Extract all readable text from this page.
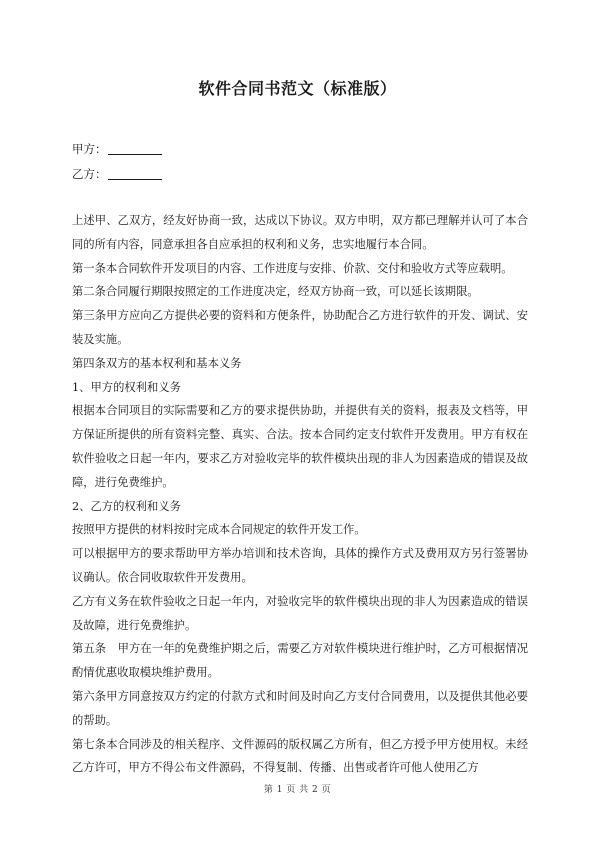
软件合同书范文（标准版）
甲方：
乙方：

上述甲、乙双方，经友好协商一致，达成以下协议。双方申明，双方都已理解并认可了本合同的所有内容，同意承担各自应承担的权利和义务，忠实地履行本合同。

第一条本合同软件开发项目的内容、工作进度与安排、价款、交付和验收方式等应载明。

第二条合同履行期限按照定的工作进度决定，经双方协商一致，可以延长该期限。

第三条甲方应向乙方提供必要的资料和方便条件，协助配合乙方进行软件的开发、调试、安装及实施。

第四条双方的基本权利和基本义务

1、甲方的权利和义务

根据本合同项目的实际需要和乙方的要求提供协助，并提供有关的资料，报表及文档等，甲方保证所提供的所有资料完整、真实、合法。按本合同约定支付软件开发费用。甲方有权在软件验收之日起一年内，要求乙方对验收完毕的软件模块出现的非人为因素造成的错误及故障，进行免费维护。

2、乙方的权利和义务

按照甲方提供的材料按时完成本合同规定的软件开发工作。

可以根据甲方的要求帮助甲方举办培训和技术咨询，具体的操作方式及费用双方另行签署协议确认。依合同收取软件开发费用。

乙方有义务在软件验收之日起一年内，对验收完毕的软件模块出现的非人为因素造成的错误及故障，进行免费维护。

第五条　甲方在一年的免费维护期之后，需要乙方对软件模块进行维护时，乙方可根据情况酌情优惠收取模块维护费用。

第六条甲方同意按双方约定的付款方式和时间及时向乙方支付合同费用，以及提供其他必要的帮助。

第七条本合同涉及的相关程序、文件源码的版权属乙方所有，但乙方授予甲方使用权。未经乙方许可，甲方不得公布文件源码，不得复制、传播、出售或者许可他人使用乙方

第 1 页 共 2 页
